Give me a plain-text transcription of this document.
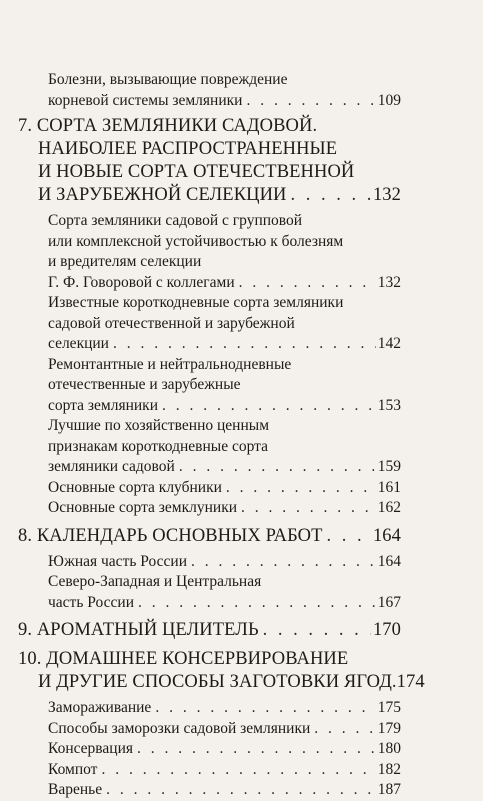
Болезни, вызывающие повреждение
корневой системы земляники . . .	109
7. СОРТА ЗЕМЛЯНИКИ САДОВОЙ.
НАИБОЛЕЕ РАСПРОСТРАНЕННЫЕ
И НОВЫЕ СОРТА ОТЕЧЕСТВЕННОЙ
И ЗАРУБЕЖНОЙ СЕЛЕКЦИИ . . .	132
Сорта земляники садовой с групповой
или комплексной устойчивостью к болезням
и вредителям селекции
Г. Ф. Говоровой с коллегами . . .	132
Известные короткодневные сорта земляники
садовой отечественной и зарубежной
селекции . . .	142
Ремонтантные и нейтральнодневные
отечественные и зарубежные
сорта земляники . . .	153
Лучшие по хозяйственно ценным
признакам короткодневные сорта
земляники садовой . . .	159
Основные сорта клубники . . .	161
Основные сорта земклуники . . .	162
8. КАЛЕНДАРЬ ОСНОВНЫХ РАБОТ . . .	164
Южная часть России . . .	164
Северо-Западная и Центральная
часть России . . .	167
9. АРОМАТНЫЙ ЦЕЛИТЕЛЬ . . .	170
10. ДОМАШНЕЕ КОНСЕРВИРОВАНИЕ
И ДРУГИЕ СПОСОБЫ ЗАГОТОВКИ ЯГОД. 174
Замораживание . . .	175
Способы заморозки садовой земляники . . .	179
Консервация . . .	180
Компот . . .	182
Варенье . . .	187
